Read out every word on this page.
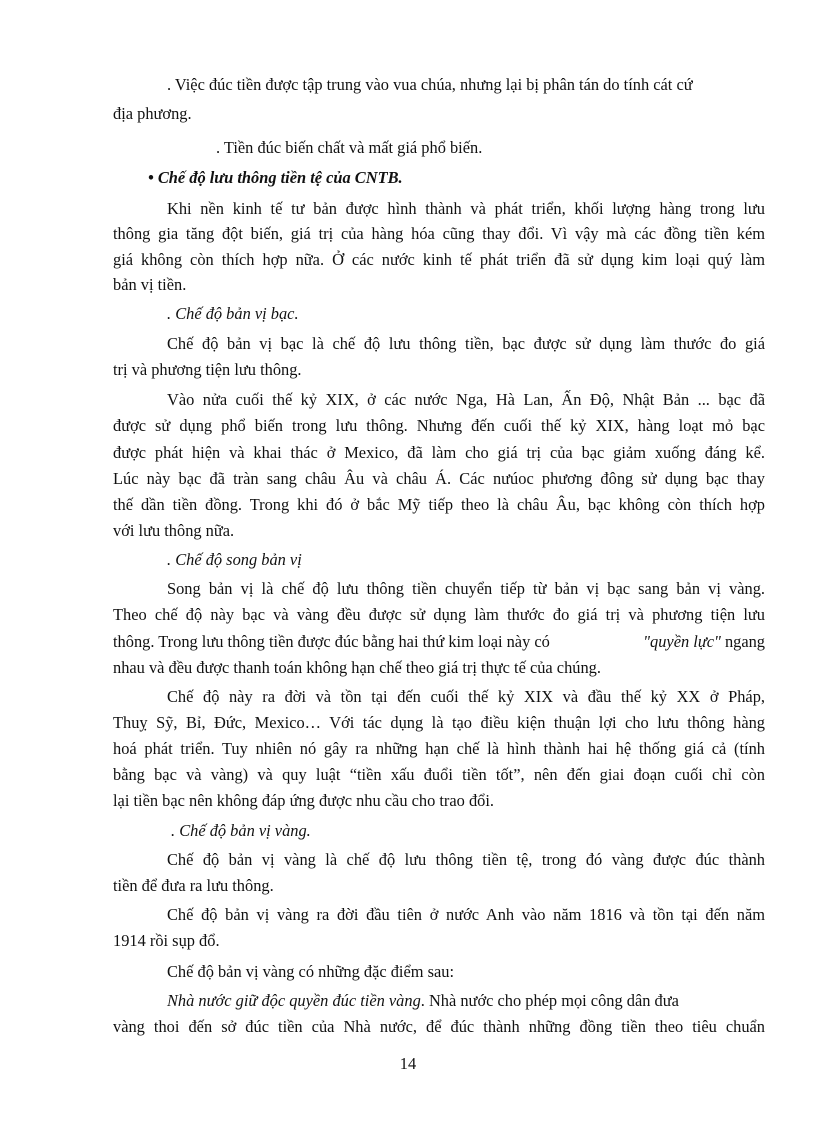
. Việc đúc tiền được tập trung vào vua chúa, nhưng lại bị phân tán do tính cát cứ
địa phương.
. Tiền đúc biến chất và mất giá phổ biến.
• Chế độ lưu thông tiền tệ của CNTB.
Khi nền kinh tế tư bản được hình thành và phát triển, khối lượng hàng trong lưu
thông gia tăng đột biến, giá trị của hàng hóa cũng thay đổi. Vì vậy mà các đồng tiền kém
giá không còn thích hợp nữa. Ở các nước kinh tế phát triển đã sử dụng kim loại quý làm
bản vị tiền.
. Chế độ bản vị bạc.
Chế độ bản vị bạc là chế độ lưu thông tiền, bạc được sử dụng làm thước đo giá
trị và phương tiện lưu thông.
Vào nửa cuối thế kỷ XIX, ở các nước Nga, Hà Lan, Ấn Độ, Nhật Bản ... bạc đã
được sử dụng phổ biến trong lưu thông. Nhưng đến cuối thế kỷ XIX, hàng loạt mỏ bạc
được phát hiện và khai thác ở Mexico, đã làm cho giá trị của bạc giảm xuống đáng kể.
Lúc này bạc đã tràn sang châu Âu và châu Á. Các nưúoc phương đông sử dụng bạc thay
thế dần tiền đồng. Trong khi đó ở bắc Mỹ tiếp theo là châu Âu, bạc không còn thích hợp
với lưu thông nữa.
. Chế độ song bản vị
Song bản vị là chế độ lưu thông tiền chuyển tiếp từ bản vị bạc sang bản vị vàng.
Theo chế độ này bạc và vàng đều được sử dụng làm thước đo giá trị và phương tiện lưu
thông. Trong lưu thông tiền được đúc bằng hai thứ kim loại này có	"quyền lực" ngang
nhau và đều được thanh toán không hạn chế theo giá trị thực tế của chúng.
Chế độ này ra đời và tồn tại đến cuối thế kỷ XIX và đầu thế kỷ XX ở Pháp,
Thuỵ Sỹ, Bỉ, Đức, Mexico… Với tác dụng là tạo điều kiện thuận lợi cho lưu thông hàng
hoá phát triển. Tuy nhiên nó gây ra những hạn chế là hình thành hai hệ thống giá cả (tính
bằng bạc và vàng) và quy luật “tiền xấu đuổi tiền tốt”, nên đến giai đoạn cuối chỉ còn
lại tiền bạc nên không đáp ứng được nhu cầu cho trao đổi.
. Chế độ bản vị vàng.
Chế độ bản vị vàng là chế độ lưu thông tiền tệ, trong đó vàng được đúc thành
tiền để đưa ra lưu thông.
Chế độ bản vị vàng ra đời đầu tiên ở nước Anh vào năm 1816 và tồn tại đến năm
1914 rồi sụp đổ.
Chế độ bản vị vàng có những đặc điểm sau:
Nhà nước giữ độc quyền đúc tiền vàng. Nhà nước cho phép mọi công dân đưa
vàng thoi đến sở đúc tiền của Nhà nước, để đúc thành những đồng tiền theo tiêu chuẩn
14
